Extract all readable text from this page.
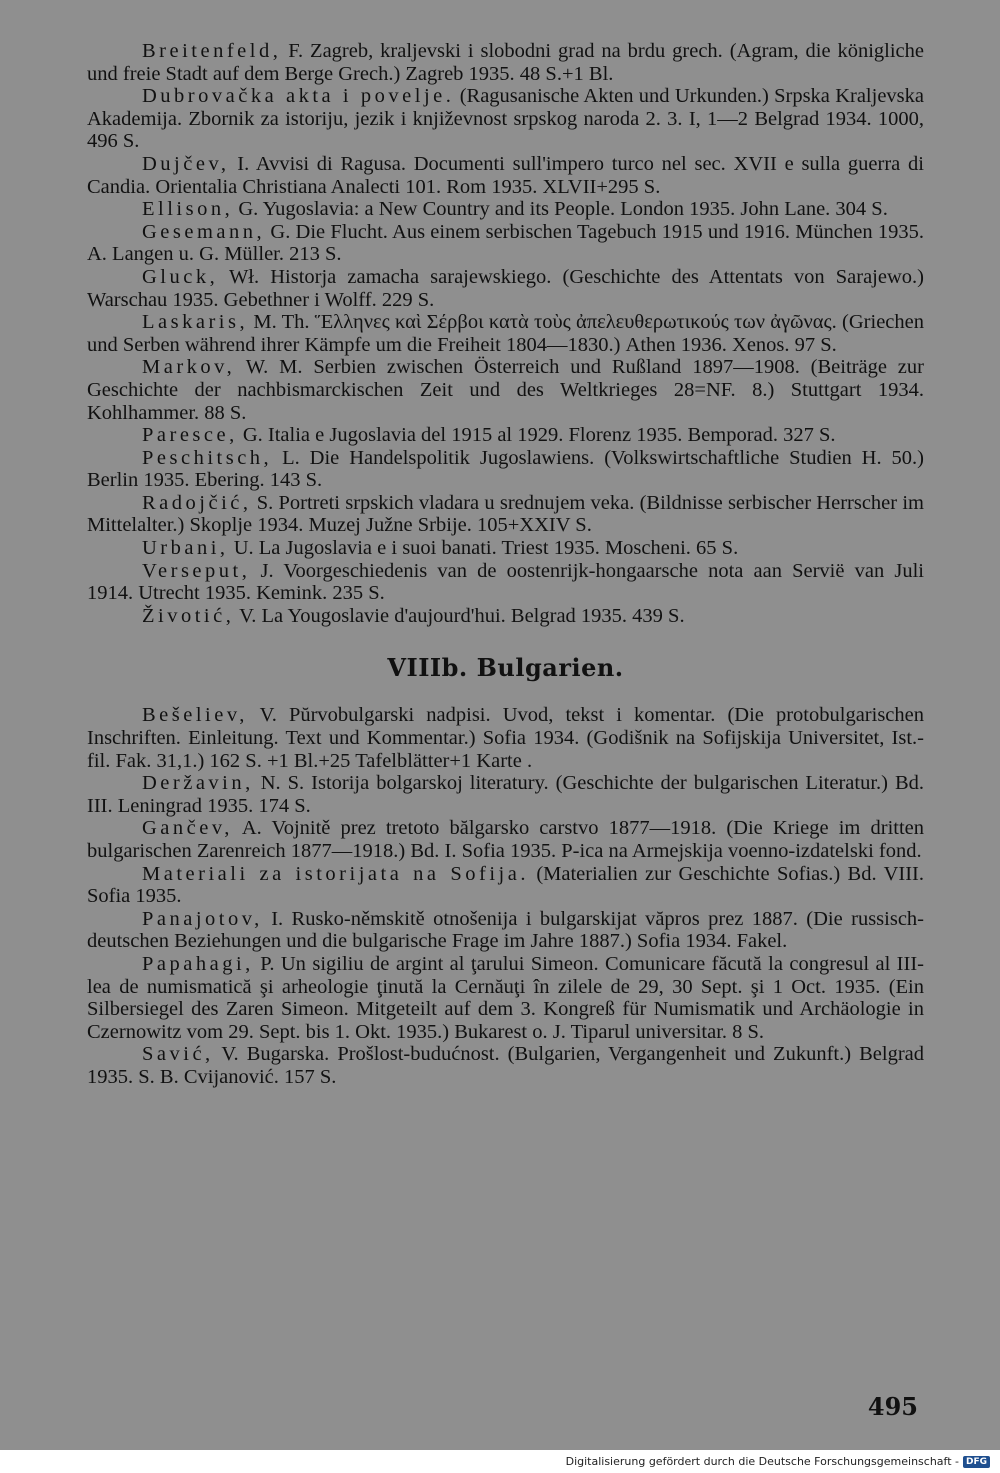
Breitenfeld, F. Zagreb, kraljevski i slobodni grad na brdu grech. (Agram, die königliche und freie Stadt auf dem Berge Grech.) Zagreb 1935. 48 S.+1 Bl.

Dubrovačka akta i povelje. (Ragusanische Akten und Urkunden.) Srpska Kraljevska Akademija. Zbornik za istoriju, jezik i književnost srpskog naroda 2. 3. I, 1—2 Belgrad 1934. 1000, 496 S.

Dujčev, I. Avvisi di Ragusa. Documenti sull'impero turco nel sec. XVII e sulla guerra di Candia. Orientalia Christiana Analecti 101. Rom 1935. XLVII+295 S.

Ellison, G. Yugoslavia: a New Country and its People. London 1935. John Lane. 304 S.

Gesemann, G. Die Flucht. Aus einem serbischen Tagebuch 1915 und 1916. München 1935. A. Langen u. G. Müller. 213 S.

Gluck, Wł. Historja zamacha sarajewskiego. (Geschichte des Attentats von Sarajewo.) Warschau 1935. Gebethner i Wolff. 229 S.

Laskaris, M. Th. Ἕλληνες καὶ Σέρβοι κατὰ τοὺς ἀπελευθερωτικούς των ἀγῶνας. (Griechen und Serben während ihrer Kämpfe um die Freiheit 1804—1830.) Athen 1936. Xenos. 97 S.

Markov, W. M. Serbien zwischen Österreich und Rußland 1897—1908. (Beiträge zur Geschichte der nachbismarckischen Zeit und des Weltkrieges 28=NF. 8.) Stuttgart 1934. Kohlhammer. 88 S.

Paresce, G. Italia e Jugoslavia del 1915 al 1929. Florenz 1935. Bemporad. 327 S.

Peschitsch, L. Die Handelspolitik Jugoslawiens. (Volkswirtschaftliche Studien H. 50.) Berlin 1935. Ebering. 143 S.

Radojčić, S. Portreti srpskich vladara u srednujem veka. (Bildnisse serbischer Herrscher im Mittelalter.) Skoplje 1934. Muzej Južne Srbije. 105+XXIV S.

Urbani, U. La Jugoslavia e i suoi banati. Triest 1935. Moscheni. 65 S.

Verseput, J. Voorgeschiedenis van de oostenrijk-hongaarsche nota aan Servië van Juli 1914. Utrecht 1935. Kemink. 235 S.

Životić, V. La Yougoslavie d'aujourd'hui. Belgrad 1935. 439 S.

VIIIb. Bulgarien.

Bešeliev, V. Pŭrvobulgarski nadpisi. Uvod, tekst i komentar. (Die protobulgarischen Inschriften. Einleitung. Text und Kommentar.) Sofia 1934. (Godišnik na Sofijskija Universitet, Ist.-fil. Fak. 31,1.) 162 S. +1 Bl.+25 Tafelblätter+1 Karte .

Deržavin, N. S. Istorija bolgarskoj literatury. (Geschichte der bulgarischen Literatur.) Bd. III. Leningrad 1935. 174 S.

Gančev, A. Vojnitě prez tretoto bălgarsko carstvo 1877—1918. (Die Kriege im dritten bulgarischen Zarenreich 1877—1918.) Bd. I. Sofia 1935. P-ica na Armejskija voenno-izdatelski fond.

Materiali za istorijata na Sofija. (Materialien zur Geschichte Sofias.) Bd. VIII. Sofia 1935.

Panajotov, I. Rusko-němskitě otnošenija i bulgarskijat văpros prez 1887. (Die russisch-deutschen Beziehungen und die bulgarische Frage im Jahre 1887.) Sofia 1934. Fakel.

Papahagi, P. Un sigiliu de argint al ţarului Simeon. Comunicare făcută la congresul al III-lea de numismatică şi arheologie ţinută la Cernăuţi în zilele de 29, 30 Sept. şi 1 Oct. 1935. (Ein Silbersiegel des Zaren Simeon. Mitgeteilt auf dem 3. Kongreß für Numismatik und Archäologie in Czernowitz vom 29. Sept. bis 1. Okt. 1935.) Bukarest o. J. Tiparul universitar. 8 S.

Savić, V. Bugarska. Prošlost-budućnost. (Bulgarien, Vergangenheit und Zukunft.) Belgrad 1935. S. B. Cvijanović. 157 S.

495
Digitalisierung gefördert durch die Deutsche Forschungsgemeinschaft - DFG
